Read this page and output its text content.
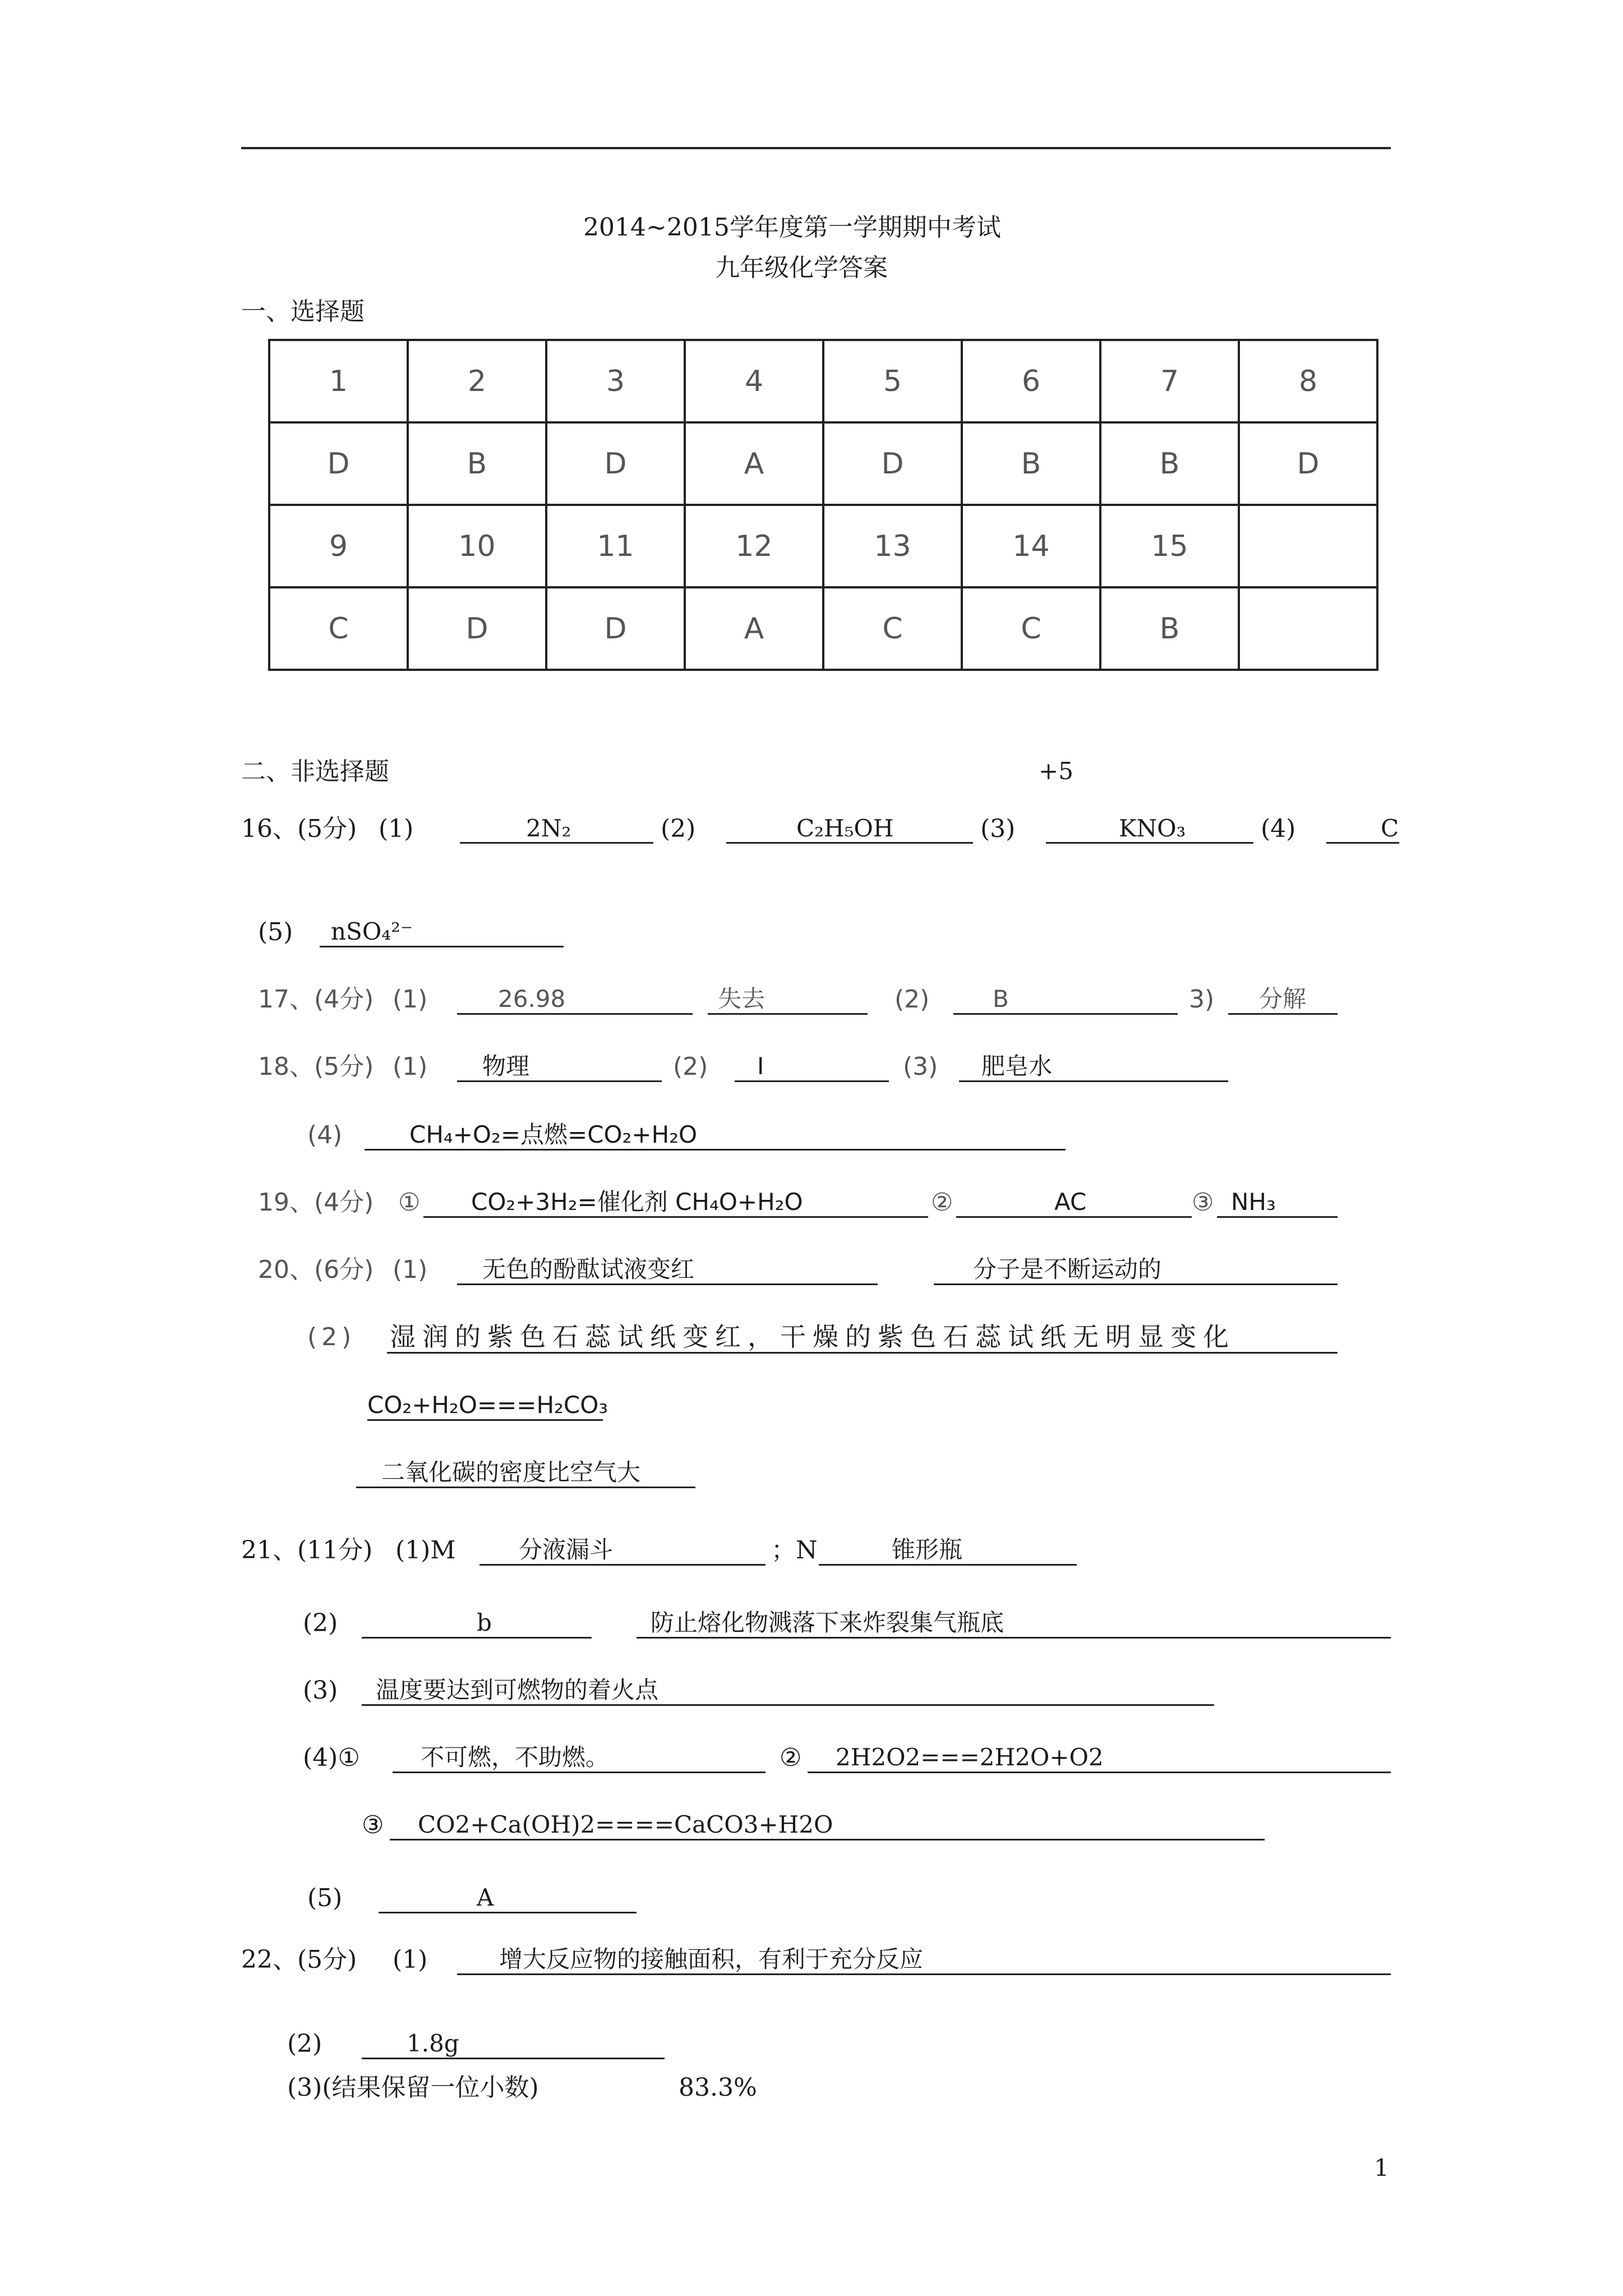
2014~2015学年度第一学期期中考试
九年级化学答案
一、选择题
1	2	3	4	5	6	7	8
D	B	D	A	D	B	B	D
9	10	11	12	13	14	15	
C	D	D	A	C	C	B	
二、非选择题	+5
16、(5分) (1)	2N₂	(2)	C₂H₅OH	(3)	KNO₃	(4)	C
(5) nSO₄²⁻
17、(4分) (1)	26.98	失去	(2)	B	3) 分解
18、(5分) (1) 物理	(2) I	(3) 肥皂水
(4)	CH₄+O₂=点燃=CO₂+H₂O
19、(4分) ① CO₂+3H₂=催化剂 CH₄O+H₂O	②	AC	③ NH₃
20、(6分) (1) 无色的酚酞试液变红	分子是不断运动的
(2) 湿润的紫色石蕊试纸变红，干燥的紫色石蕊试纸无明显变化
CO₂+H₂O===H₂CO₃
二氧化碳的密度比空气大
21、(11分) (1)M	分液漏斗	；N	锥形瓶
(2)	b	防止熔化物溅落下来炸裂集气瓶底
(3) 温度要达到可燃物的着火点
(4)①	不可燃，不助燃。	② 2H2O2===2H2O+O2
③ CO2+Ca(OH)2====CaCO3+H2O
(5)	A
22、(5分) (1)	增大反应物的接触面积，有利于充分反应
(2)	1.8g
(3)(结果保留一位小数)	83.3%
1
